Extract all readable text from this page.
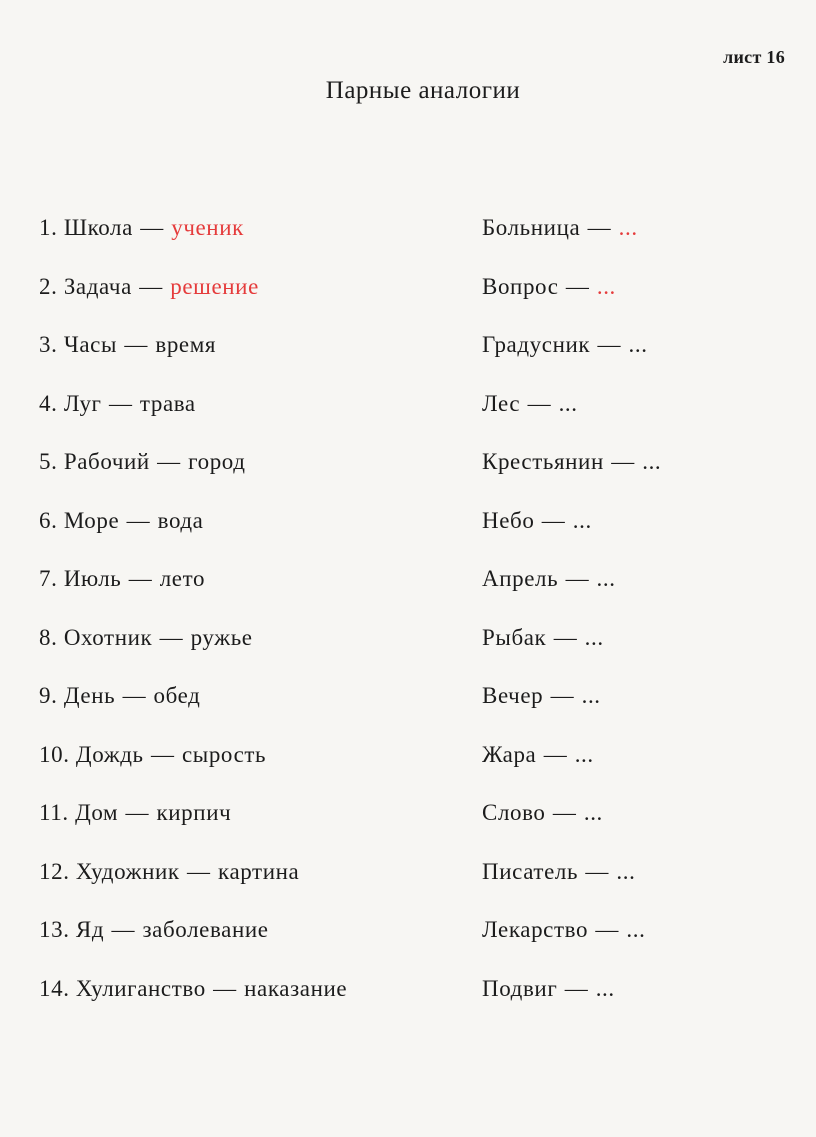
лист 16
Парные аналогии
1. Школа — ученик	Больница — ...
2. Задача — решение	Вопрос — ...
3. Часы — время	Градусник — ...
4. Луг — трава	Лес — ...
5. Рабочий — город	Крестьянин — ...
6. Море — вода	Небо — ...
7. Июль — лето	Апрель — ...
8. Охотник — ружье	Рыбак — ...
9. День — обед	Вечер — ...
10. Дождь — сырость	Жара — ...
11. Дом — кирпич	Слово — ...
12. Художник — картина	Писатель — ...
13. Яд — заболевание	Лекарство — ...
14. Хулиганство — наказание	Подвиг — ...
